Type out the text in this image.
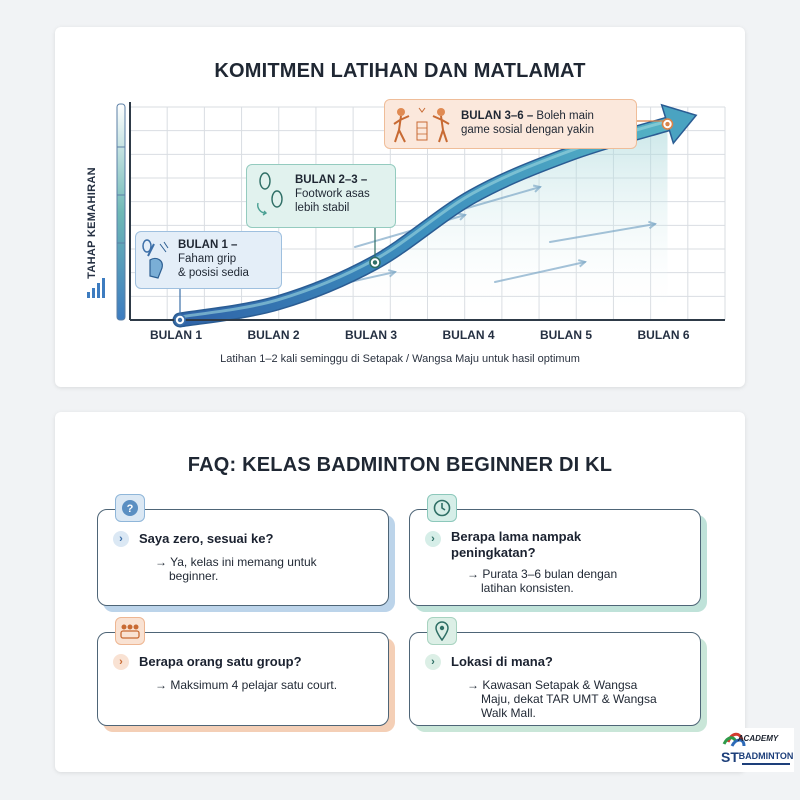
KOMITMEN LATIHAN DAN MATLAMAT
BULAN 1	BULAN 2	BULAN 3	BULAN 4	BULAN 5	BULAN 6
TAHAP KEMAHIRAN	BULAN 1 –
Faham grip
& posisi sedia
BULAN 2–3 –
Footwork asas
lebih stabil
BULAN 3–6 – Boleh main
game sosial dengan yakin
Latihan 1–2 kali seminggu di Setapak / Wangsa Maju untuk hasil optimum
FAQ: KELAS BADMINTON BEGINNER DI KL
?
›	Saya zero, sesuai ke?
→ Ya, kelas ini memang untuk
beginner.
›	Berapa lama nampak
peningkatan?
→ Purata 3–6 bulan dengan
latihan konsisten.
›	Berapa orang satu group?
→ Maksimum 4 pelajar satu court.
›	Lokasi di mana?
→ Kawasan Setapak & Wangsa
Maju, dekat TAR UMT & Wangsa
Walk Mall.
ACADEMY
ST BADMINTON
